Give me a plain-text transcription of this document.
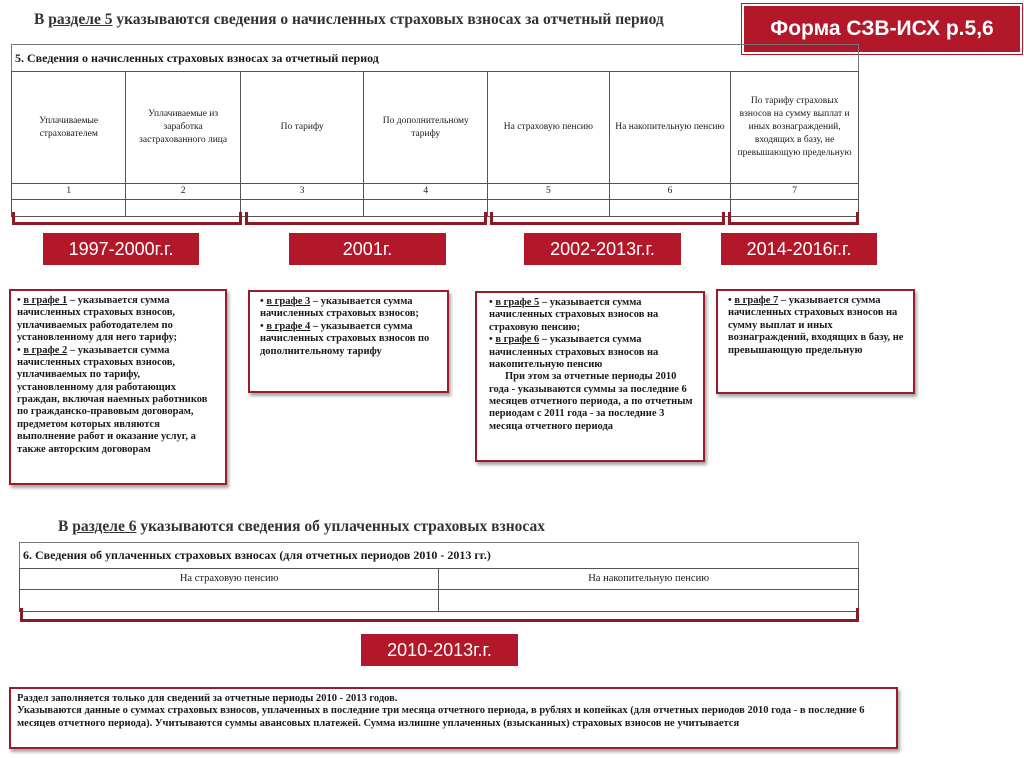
В разделе 5 указываются сведения о начисленных страховых взносах за отчетный период	Форма СЗВ-ИСХ р.5,6
5. Сведения о начисленных страховых взносах за отчетный период
Уплачиваемые страхователем	Уплачиваемые из заработка застрахованного лица	По тарифу	По дополнительному тарифу	На страховую пенсию	На накопительную пенсию	По тарифу страховых взносов на сумму выплат и иных вознаграждений, входящих в базу, не превышающую предельную
1	2	3	4	5	6	7

1997-2000г.г.	2001г.	2002-2013г.г.	2014-2016г.г.

• в графе 1 – указывается сумма начисленных страховых взносов, уплачиваемых работодателем по установленному для него тарифу;

• в графе 2 – указывается сумма начисленных страховых взносов, уплачиваемых по тарифу, установленному для работающих граждан, включая наемных работников по гражданско-правовым договорам, предметом которых являются выполнение работ и оказание услуг, а также авторским договорам

• в графе 3 – указывается сумма начисленных страховых взносов;

• в графе 4 – указывается сумма начисленных страховых взносов по дополнительному тарифу

• в графе 5 – указывается сумма начисленных страховых взносов на страховую пенсию;

• в графе 6 – указывается сумма начисленных страховых взносов на накопительную пенсию

При этом за отчетные периоды 2010 года - указываются суммы за последние 6 месяцев отчетного периода, а по отчетным периодам с 2011 года - за последние 3 месяца отчетного периода

• в графе 7 – указывается сумма начисленных страховых взносов на сумму выплат и иных вознаграждений, входящих в базу, не превышающую предельную

В разделе 6 указываются сведения об уплаченных страховых взносах
6. Сведения об уплаченных страховых взносах (для отчетных периодов 2010 - 2013 гг.)
На страховую пенсию	На накопительную пенсию

2010-2013г.г.

Раздел заполняется только для сведений за отчетные периоды 2010 - 2013 годов.

Указываются данные о суммах страховых взносов, уплаченных в последние три месяца отчетного периода, в рублях и копейках (для отчетных периодов 2010 года - в последние 6 месяцев отчетного периода). Учитываются суммы авансовых платежей. Сумма излишне уплаченных (взысканных) страховых взносов не учитывается
